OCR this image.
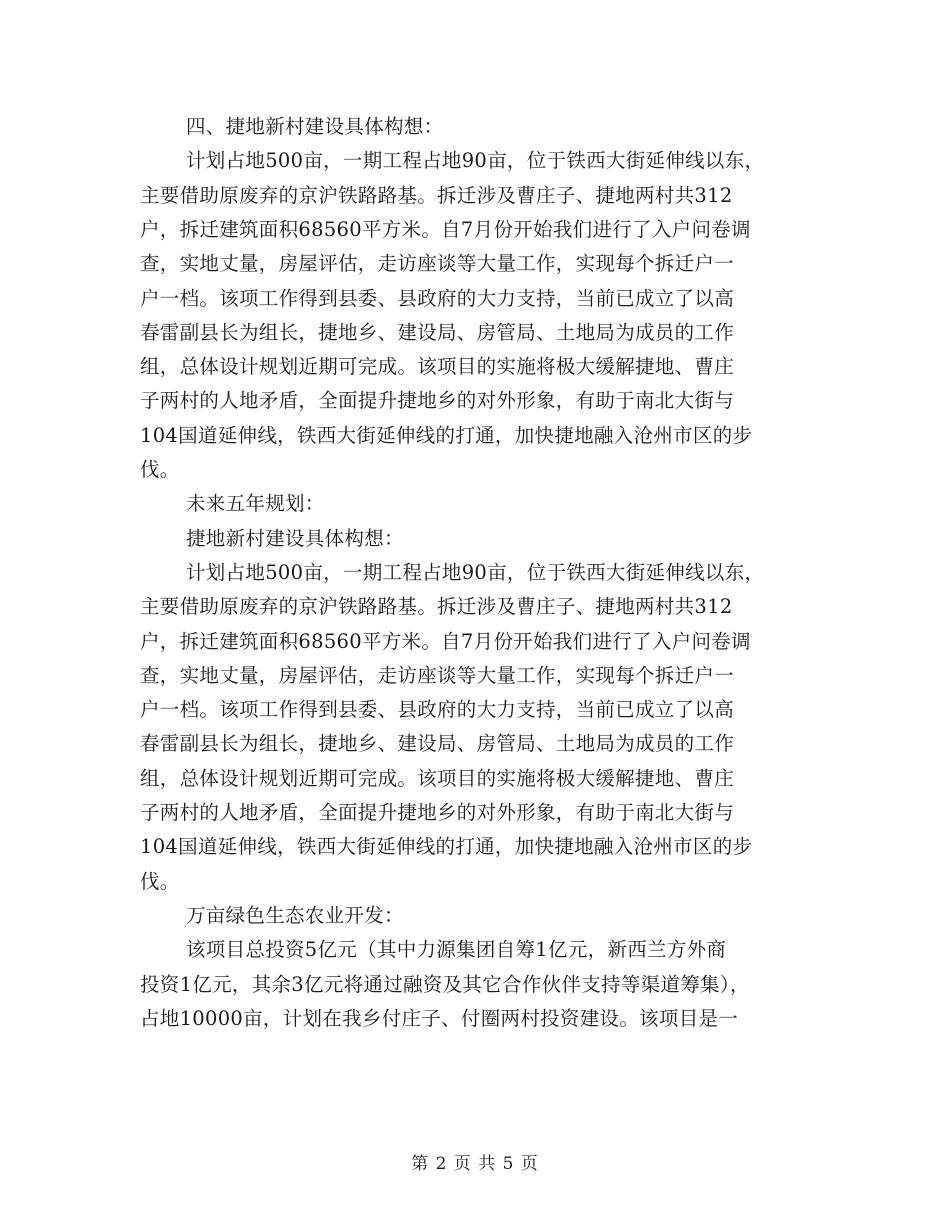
四、捷地新村建设具体构想：
计划占地500亩，一期工程占地90亩，位于铁西大街延伸线以东，
主要借助原废弃的京沪铁路路基。拆迁涉及曹庄子、捷地两村共312
户，拆迁建筑面积68560平方米。自7月份开始我们进行了入户问卷调
查，实地丈量，房屋评估，走访座谈等大量工作，实现每个拆迁户一
户一档。该项工作得到县委、县政府的大力支持，当前已成立了以高
春雷副县长为组长，捷地乡、建设局、房管局、土地局为成员的工作
组，总体设计规划近期可完成。该项目的实施将极大缓解捷地、曹庄
子两村的人地矛盾，全面提升捷地乡的对外形象，有助于南北大街与
104国道延伸线，铁西大街延伸线的打通，加快捷地融入沧州市区的步
伐。
未来五年规划：
捷地新村建设具体构想：
计划占地500亩，一期工程占地90亩，位于铁西大街延伸线以东，
主要借助原废弃的京沪铁路路基。拆迁涉及曹庄子、捷地两村共312
户，拆迁建筑面积68560平方米。自7月份开始我们进行了入户问卷调
查，实地丈量，房屋评估，走访座谈等大量工作，实现每个拆迁户一
户一档。该项工作得到县委、县政府的大力支持，当前已成立了以高
春雷副县长为组长，捷地乡、建设局、房管局、土地局为成员的工作
组，总体设计规划近期可完成。该项目的实施将极大缓解捷地、曹庄
子两村的人地矛盾，全面提升捷地乡的对外形象，有助于南北大街与
104国道延伸线，铁西大街延伸线的打通，加快捷地融入沧州市区的步
伐。
万亩绿色生态农业开发：
该项目总投资5亿元（其中力源集团自筹1亿元，新西兰方外商
投资1亿元，其余3亿元将通过融资及其它合作伙伴支持等渠道筹集），
占地10000亩，计划在我乡付庄子、付圈两村投资建设。该项目是一
第 2 页 共 5 页
